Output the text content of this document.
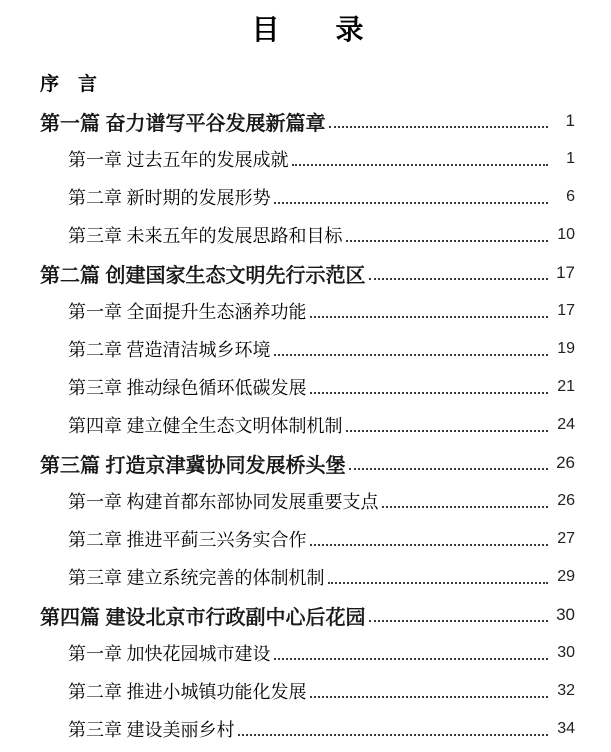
目　　录
序　言
第一篇 奋力谱写平谷发展新篇章	1
第一章 过去五年的发展成就	1
第二章 新时期的发展形势	6
第三章 未来五年的发展思路和目标	10
第二篇 创建国家生态文明先行示范区	17
第一章 全面提升生态涵养功能	17
第二章 营造清洁城乡环境	19
第三章 推动绿色循环低碳发展	21
第四章 建立健全生态文明体制机制	24
第三篇 打造京津冀协同发展桥头堡	26
第一章 构建首都东部协同发展重要支点	26
第二章 推进平蓟三兴务实合作	27
第三章 建立系统完善的体制机制	29
第四篇 建设北京市行政副中心后花园	30
第一章 加快花园城市建设	30
第二章 推进小城镇功能化发展	32
第三章 建设美丽乡村	34
